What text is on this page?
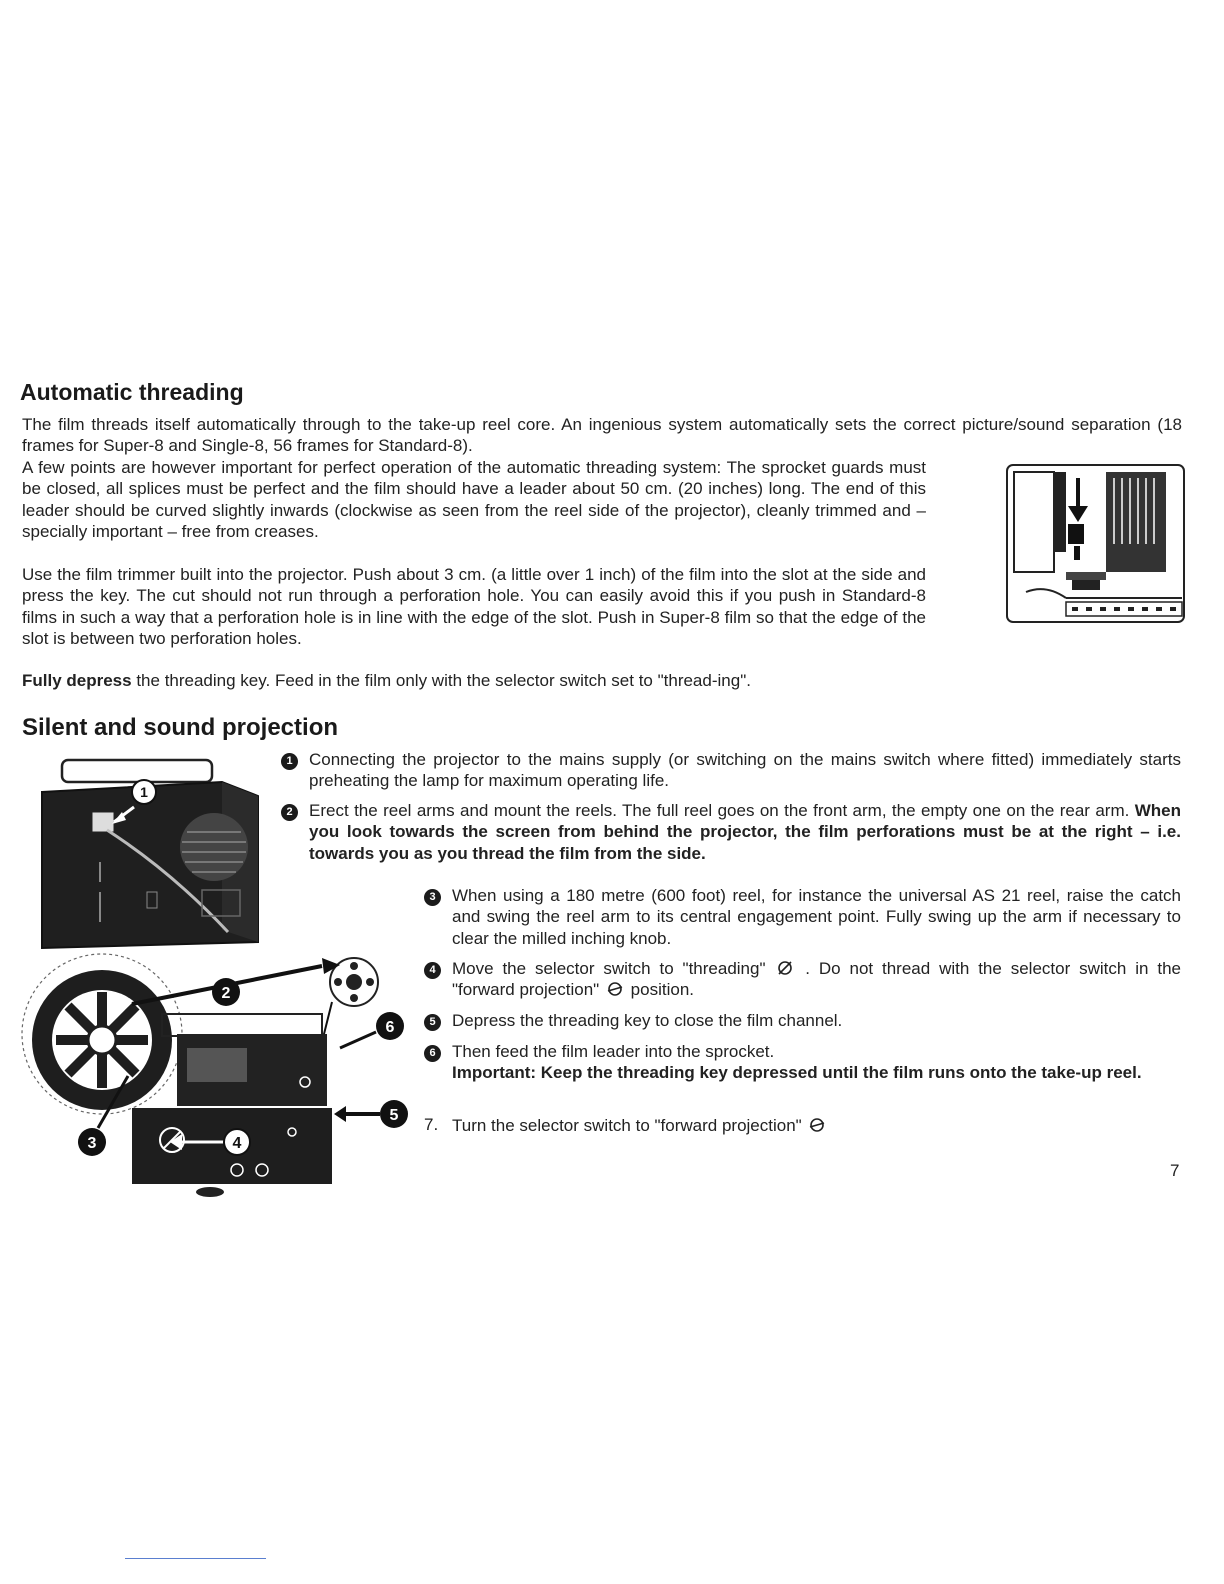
Automatic threading
The film threads itself automatically through to the take-up reel core. An ingenious system automatically sets the correct picture/sound separation (18 frames for Super-8 and Single-8, 56 frames for Standard-8).
A few points are however important for perfect operation of the automatic threading system: The sprocket guards must be closed, all splices must be perfect and the film should have a leader about 50 cm. (20 inches) long. The end of this leader should be curved slightly inwards (clockwise as seen from the reel side of the projector), cleanly trimmed and – specially important – free from creases.
Use the film trimmer built into the projector. Push about 3 cm. (a little over 1 inch) of the film into the slot at the side and press the key. The cut should not run through a perforation hole. You can easily avoid this if you push in Standard-8 films in such a way that a perforation hole is in line with the edge of the slot. Push in Super-8 film so that the edge of the slot is between two perforation holes.
Fully depress the threading key. Feed in the film only with the selector switch set to "thread-ing".
Silent and sound projection
1 Connecting the projector to the mains supply (or switching on the mains switch where fitted) immediately starts preheating the lamp for maximum operating life.
2 Erect the reel arms and mount the reels. The full reel goes on the front arm, the empty one on the rear arm. When you look towards the screen from behind the projector, the film perforations must be at the right – i.e. towards you as you thread the film from the side.
3 When using a 180 metre (600 foot) reel, for instance the universal AS 21 reel, raise the catch and swing the reel arm to its central engagement point. Fully swing up the arm if necessary to clear the milled inching knob.
4 Move the selector switch to "threading" . Do not thread with the selector switch in the "forward projection" position.
5 Depress the threading key to close the film channel.
6 Then feed the film leader into the sprocket.
Important: Keep the threading key depressed until the film runs onto the take-up reel.
7. Turn the selector switch to "forward projection"
1
4
2
3
6
5
7
